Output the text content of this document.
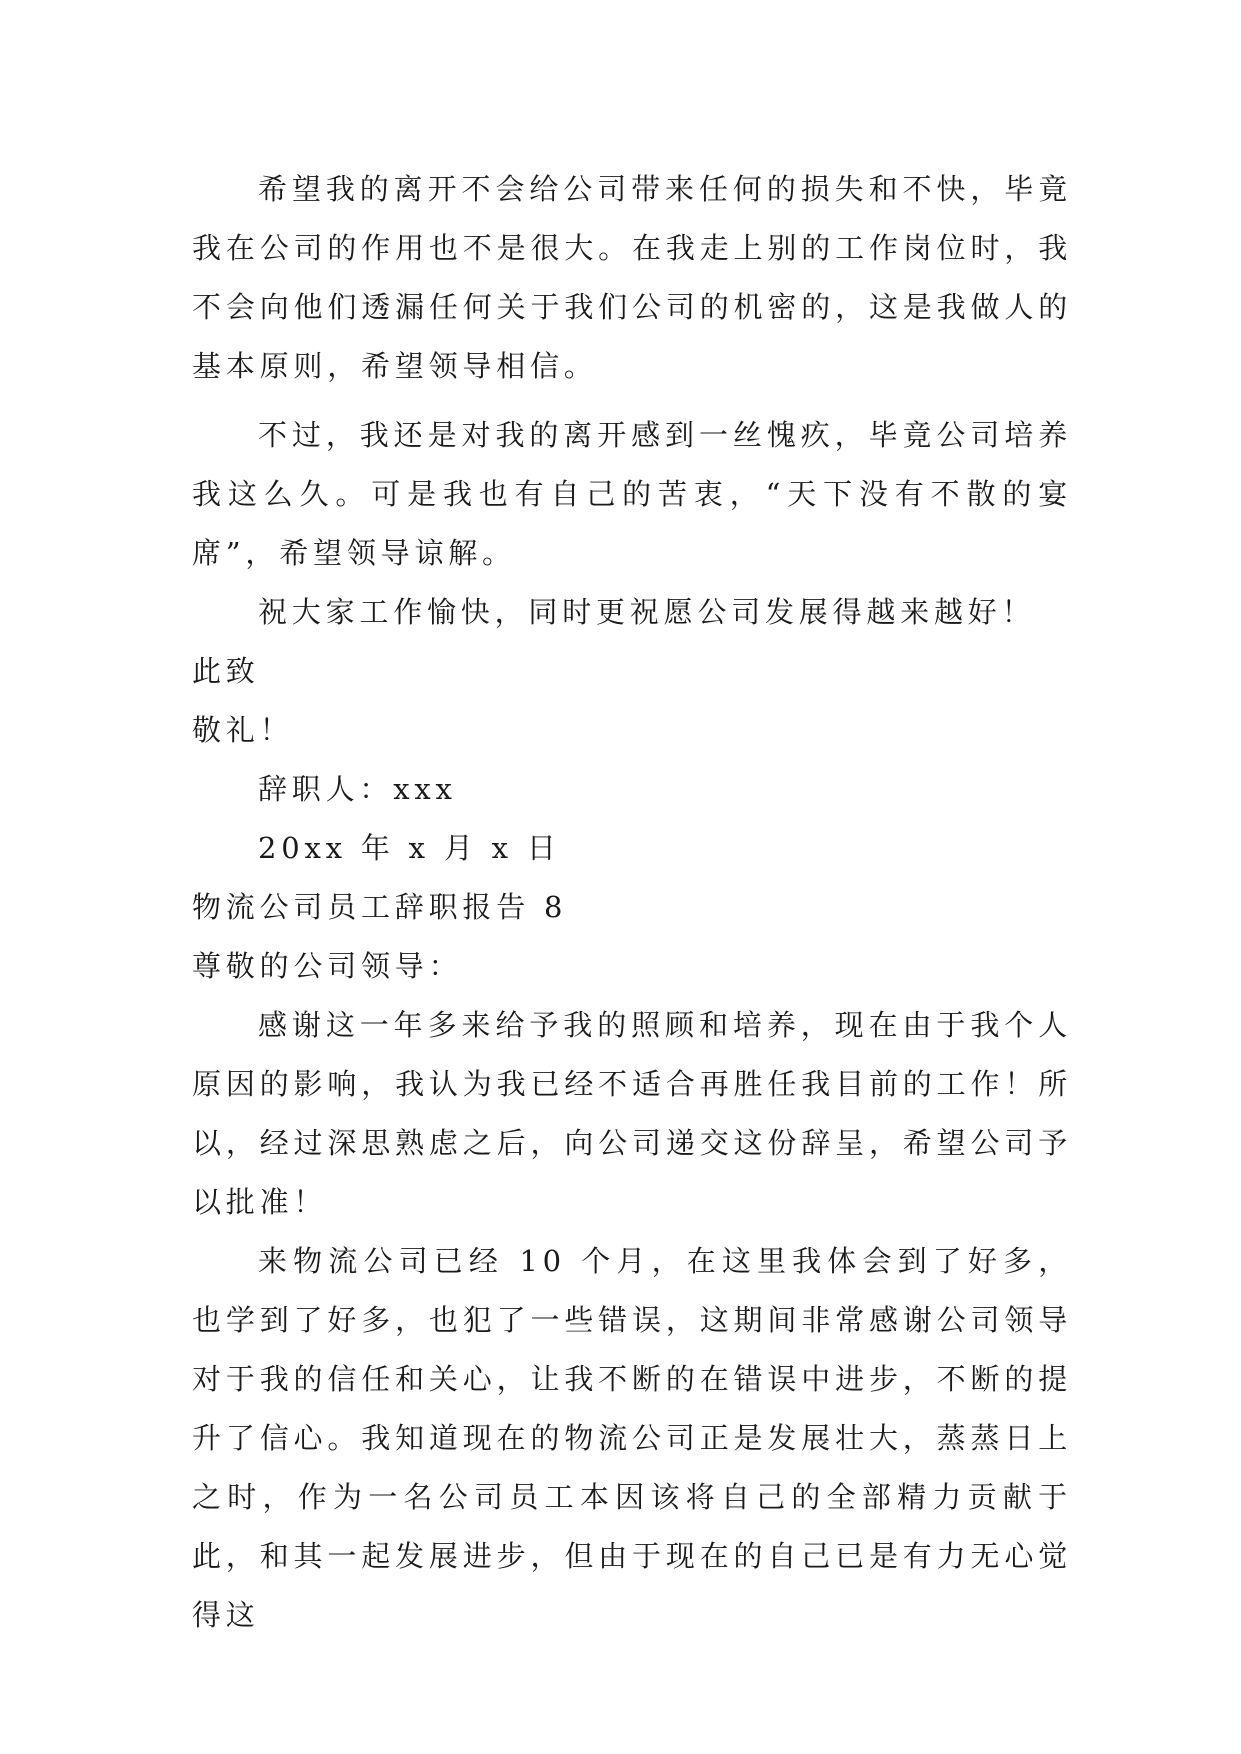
希望我的离开不会给公司带来任何的损失和不快，毕竟我在公司的作用也不是很大。在我走上别的工作岗位时，我不会向他们透漏任何关于我们公司的机密的，这是我做人的基本原则，希望领导相信。

不过，我还是对我的离开感到一丝愧疚，毕竟公司培养我这么久。可是我也有自己的苦衷，“天下没有不散的宴席”，希望领导谅解。

祝大家工作愉快，同时更祝愿公司发展得越来越好！

此致

敬礼！

辞职人：xxx

20xx 年 x 月 x 日

物流公司员工辞职报告 8

尊敬的公司领导：

感谢这一年多来给予我的照顾和培养，现在由于我个人原因的影响，我认为我已经不适合再胜任我目前的工作！所以，经过深思熟虑之后，向公司递交这份辞呈，希望公司予以批准！

来物流公司已经 10 个月，在这里我体会到了好多，也学到了好多，也犯了一些错误，这期间非常感谢公司领导对于我的信任和关心，让我不断的在错误中进步，不断的提升了信心。我知道现在的物流公司正是发展壮大，蒸蒸日上之时，作为一名公司员工本因该将自己的全部精力贡献于此，和其一起发展进步，但由于现在的自己已是有力无心觉得这
